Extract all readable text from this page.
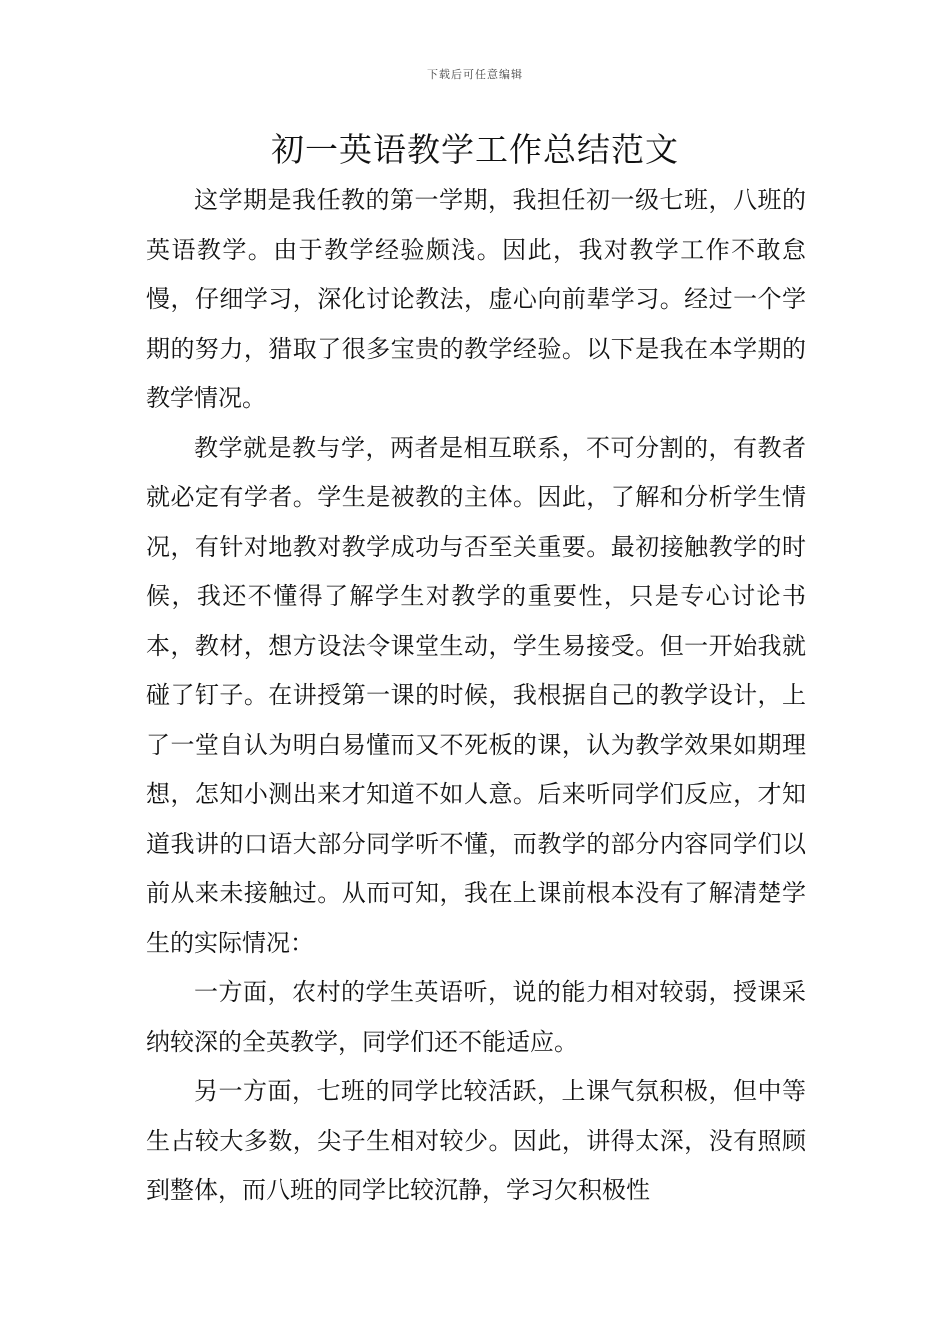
下载后可任意编辑
初一英语教学工作总结范文

这学期是我任教的第一学期，我担任初一级七班，八班的英语教学。由于教学经验颇浅。因此，我对教学工作不敢怠慢，仔细学习，深化讨论教法，虚心向前辈学习。经过一个学期的努力，猎取了很多宝贵的教学经验。以下是我在本学期的教学情况。

教学就是教与学，两者是相互联系，不可分割的，有教者就必定有学者。学生是被教的主体。因此，了解和分析学生情况，有针对地教对教学成功与否至关重要。最初接触教学的时候，我还不懂得了解学生对教学的重要性，只是专心讨论书本，教材，想方设法令课堂生动，学生易接受。但一开始我就碰了钉子。在讲授第一课的时候，我根据自己的教学设计，上了一堂自认为明白易懂而又不死板的课，认为教学效果如期理想，怎知小测出来才知道不如人意。后来听同学们反应，才知道我讲的口语大部分同学听不懂，而教学的部分内容同学们以前从来未接触过。从而可知，我在上课前根本没有了解清楚学生的实际情况：

一方面，农村的学生英语听，说的能力相对较弱，授课采纳较深的全英教学，同学们还不能适应。

另一方面，七班的同学比较活跃，上课气氛积极，但中等生占较大多数，尖子生相对较少。因此，讲得太深，没有照顾到整体，而八班的同学比较沉静，学习欠积极性
